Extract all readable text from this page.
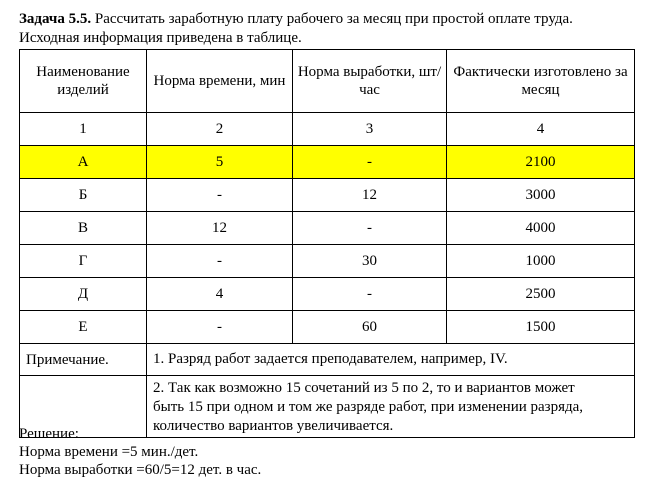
Задача 5.5. Рассчитать заработную плату рабочего за месяц при простой оплате труда.
Исходная информация приведена в таблице.
Наименование изделий	Норма времени, мин	Норма выработки, шт/час	Фактически изготовлено за месяц
1	2	3	4
А	5	-	2100
Б	-	12	3000
В	12	-	4000
Г	-	30	1000
Д	4	-	2500
Е	-	60	1500
Примечание.	1. Разряд работ задается преподавателем, например, IV.		

	2. Так как возможно 15 сочетаний из 5 по 2, то и вариантов может
быть 15 при одном и том же разряде работ, при изменении разряда,
количество вариантов увеличивается.		
Решение:
Норма времени =5 мин./дет.
Норма выработки =60/5=12 дет. в час.
